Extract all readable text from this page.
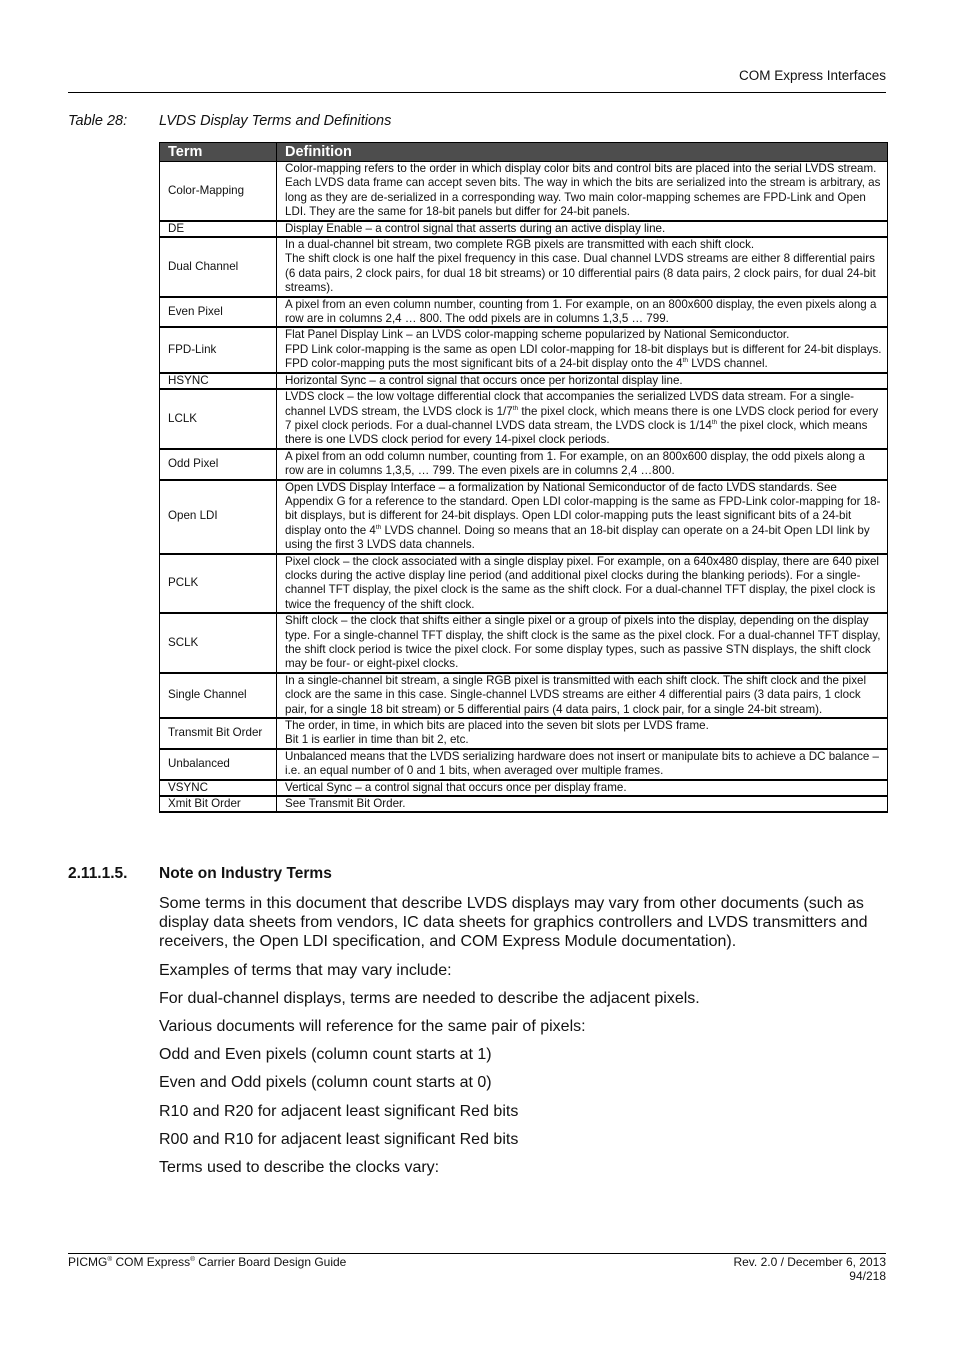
COM Express Interfaces
Table 28: LVDS Display Terms and Definitions
Term	Definition
Color-Mapping	Color-mapping refers to the order in which display color bits and control bits are placed into the serial LVDS stream. Each LVDS data frame can accept seven bits. The way in which the bits are serialized into the stream is arbitrary, as long as they are de-serialized in a corresponding way. Two main color-mapping schemes are FPD-Link and Open LDI. They are the same for 18-bit panels but differ for 24-bit panels.

DE	Display Enable – a control signal that asserts during an active display line.

Dual Channel	In a dual-channel bit stream, two complete RGB pixels are transmitted with each shift clock.

The shift clock is one half the pixel frequency in this case. Dual channel LVDS streams are either 8 differential pairs (6 data pairs, 2 clock pairs, for dual 18 bit streams) or 10 differential pairs (8 data pairs, 2 clock pairs, for dual 24-bit streams).

Even Pixel	A pixel from an even column number, counting from 1. For example, on an 800x600 display, the even pixels along a row are in columns 2,4 … 800. The odd pixels are in columns 1,3,5 … 799.

FPD-Link	Flat Panel Display Link – an LVDS color-mapping scheme popularized by National Semiconductor.

FPD Link color-mapping is the same as open LDI color-mapping for 18-bit displays but is different for 24-bit displays. FPD color-mapping puts the most significant bits of a 24-bit display onto the 4th LVDS channel.

HSYNC	Horizontal Sync – a control signal that occurs once per horizontal display line.

LCLK	LVDS clock – the low voltage differential clock that accompanies the serialized LVDS data stream. For a single-channel LVDS stream, the LVDS clock is 1/7th the pixel clock, which means there is one LVDS clock period for every 7 pixel clock periods. For a dual-channel LVDS data stream, the LVDS clock is 1/14th the pixel clock, which means there is one LVDS clock period for every 14-pixel clock periods.

Odd Pixel	A pixel from an odd column number, counting from 1. For example, on an 800x600 display, the odd pixels along a row are in columns 1,3,5, … 799. The even pixels are in columns 2,4 …800.

Open LDI	Open LVDS Display Interface – a formalization by National Semiconductor of de facto LVDS standards. See Appendix G for a reference to the standard. Open LDI color-mapping is the same as FPD-Link color-mapping for 18-bit displays, but is different for 24-bit displays. Open LDI color-mapping puts the least significant bits of a 24-bit display onto the 4th LVDS channel. Doing so means that an 18-bit display can operate on a 24-bit Open LDI link by using the first 3 LVDS data channels.

PCLK	Pixel clock – the clock associated with a single display pixel. For example, on a 640x480 display, there are 640 pixel clocks during the active display line period (and additional pixel clocks during the blanking periods). For a single-channel TFT display, the pixel clock is the same as the shift clock. For a dual-channel TFT display, the pixel clock is twice the frequency of the shift clock.

SCLK	Shift clock – the clock that shifts either a single pixel or a group of pixels into the display, depending on the display type. For a single-channel TFT display, the shift clock is the same as the pixel clock. For a dual-channel TFT display, the shift clock period is twice the pixel clock. For some display types, such as passive STN displays, the shift clock may be four- or eight-pixel clocks.

Single Channel	In a single-channel bit stream, a single RGB pixel is transmitted with each shift clock. The shift clock and the pixel clock are the same in this case. Single-channel LVDS streams are either 4 differential pairs (3 data pairs, 1 clock pair, for a single 18 bit stream) or 5 differential pairs (4 data pairs, 1 clock pair, for a single 24-bit stream).

Transmit Bit Order	The order, in time, in which bits are placed into the seven bit slots per LVDS frame.

Bit 1 is earlier in time than bit 2, etc.

Unbalanced	Unbalanced means that the LVDS serializing hardware does not insert or manipulate bits to achieve a DC balance – i.e. an equal number of 0 and 1 bits, when averaged over multiple frames.

VSYNC	Vertical Sync – a control signal that occurs once per display frame.

Xmit Bit Order	See Transmit Bit Order.

2.11.1.5. Note on Industry Terms

Some terms in this document that describe LVDS displays may vary from other documents (such as display data sheets from vendors, IC data sheets for graphics controllers and LVDS transmitters and receivers, the Open LDI specification, and COM Express Module documentation).

Examples of terms that may vary include:

For dual-channel displays, terms are needed to describe the adjacent pixels.

Various documents will reference for the same pair of pixels:

Odd and Even pixels (column count starts at 1)

Even and Odd pixels (column count starts at 0)

R10 and R20 for adjacent least significant Red bits

R00 and R10 for adjacent least significant Red bits

Terms used to describe the clocks vary:

PICMG® COM Express® Carrier Board Design Guide	Rev. 2.0 / December 6, 2013
94/218
